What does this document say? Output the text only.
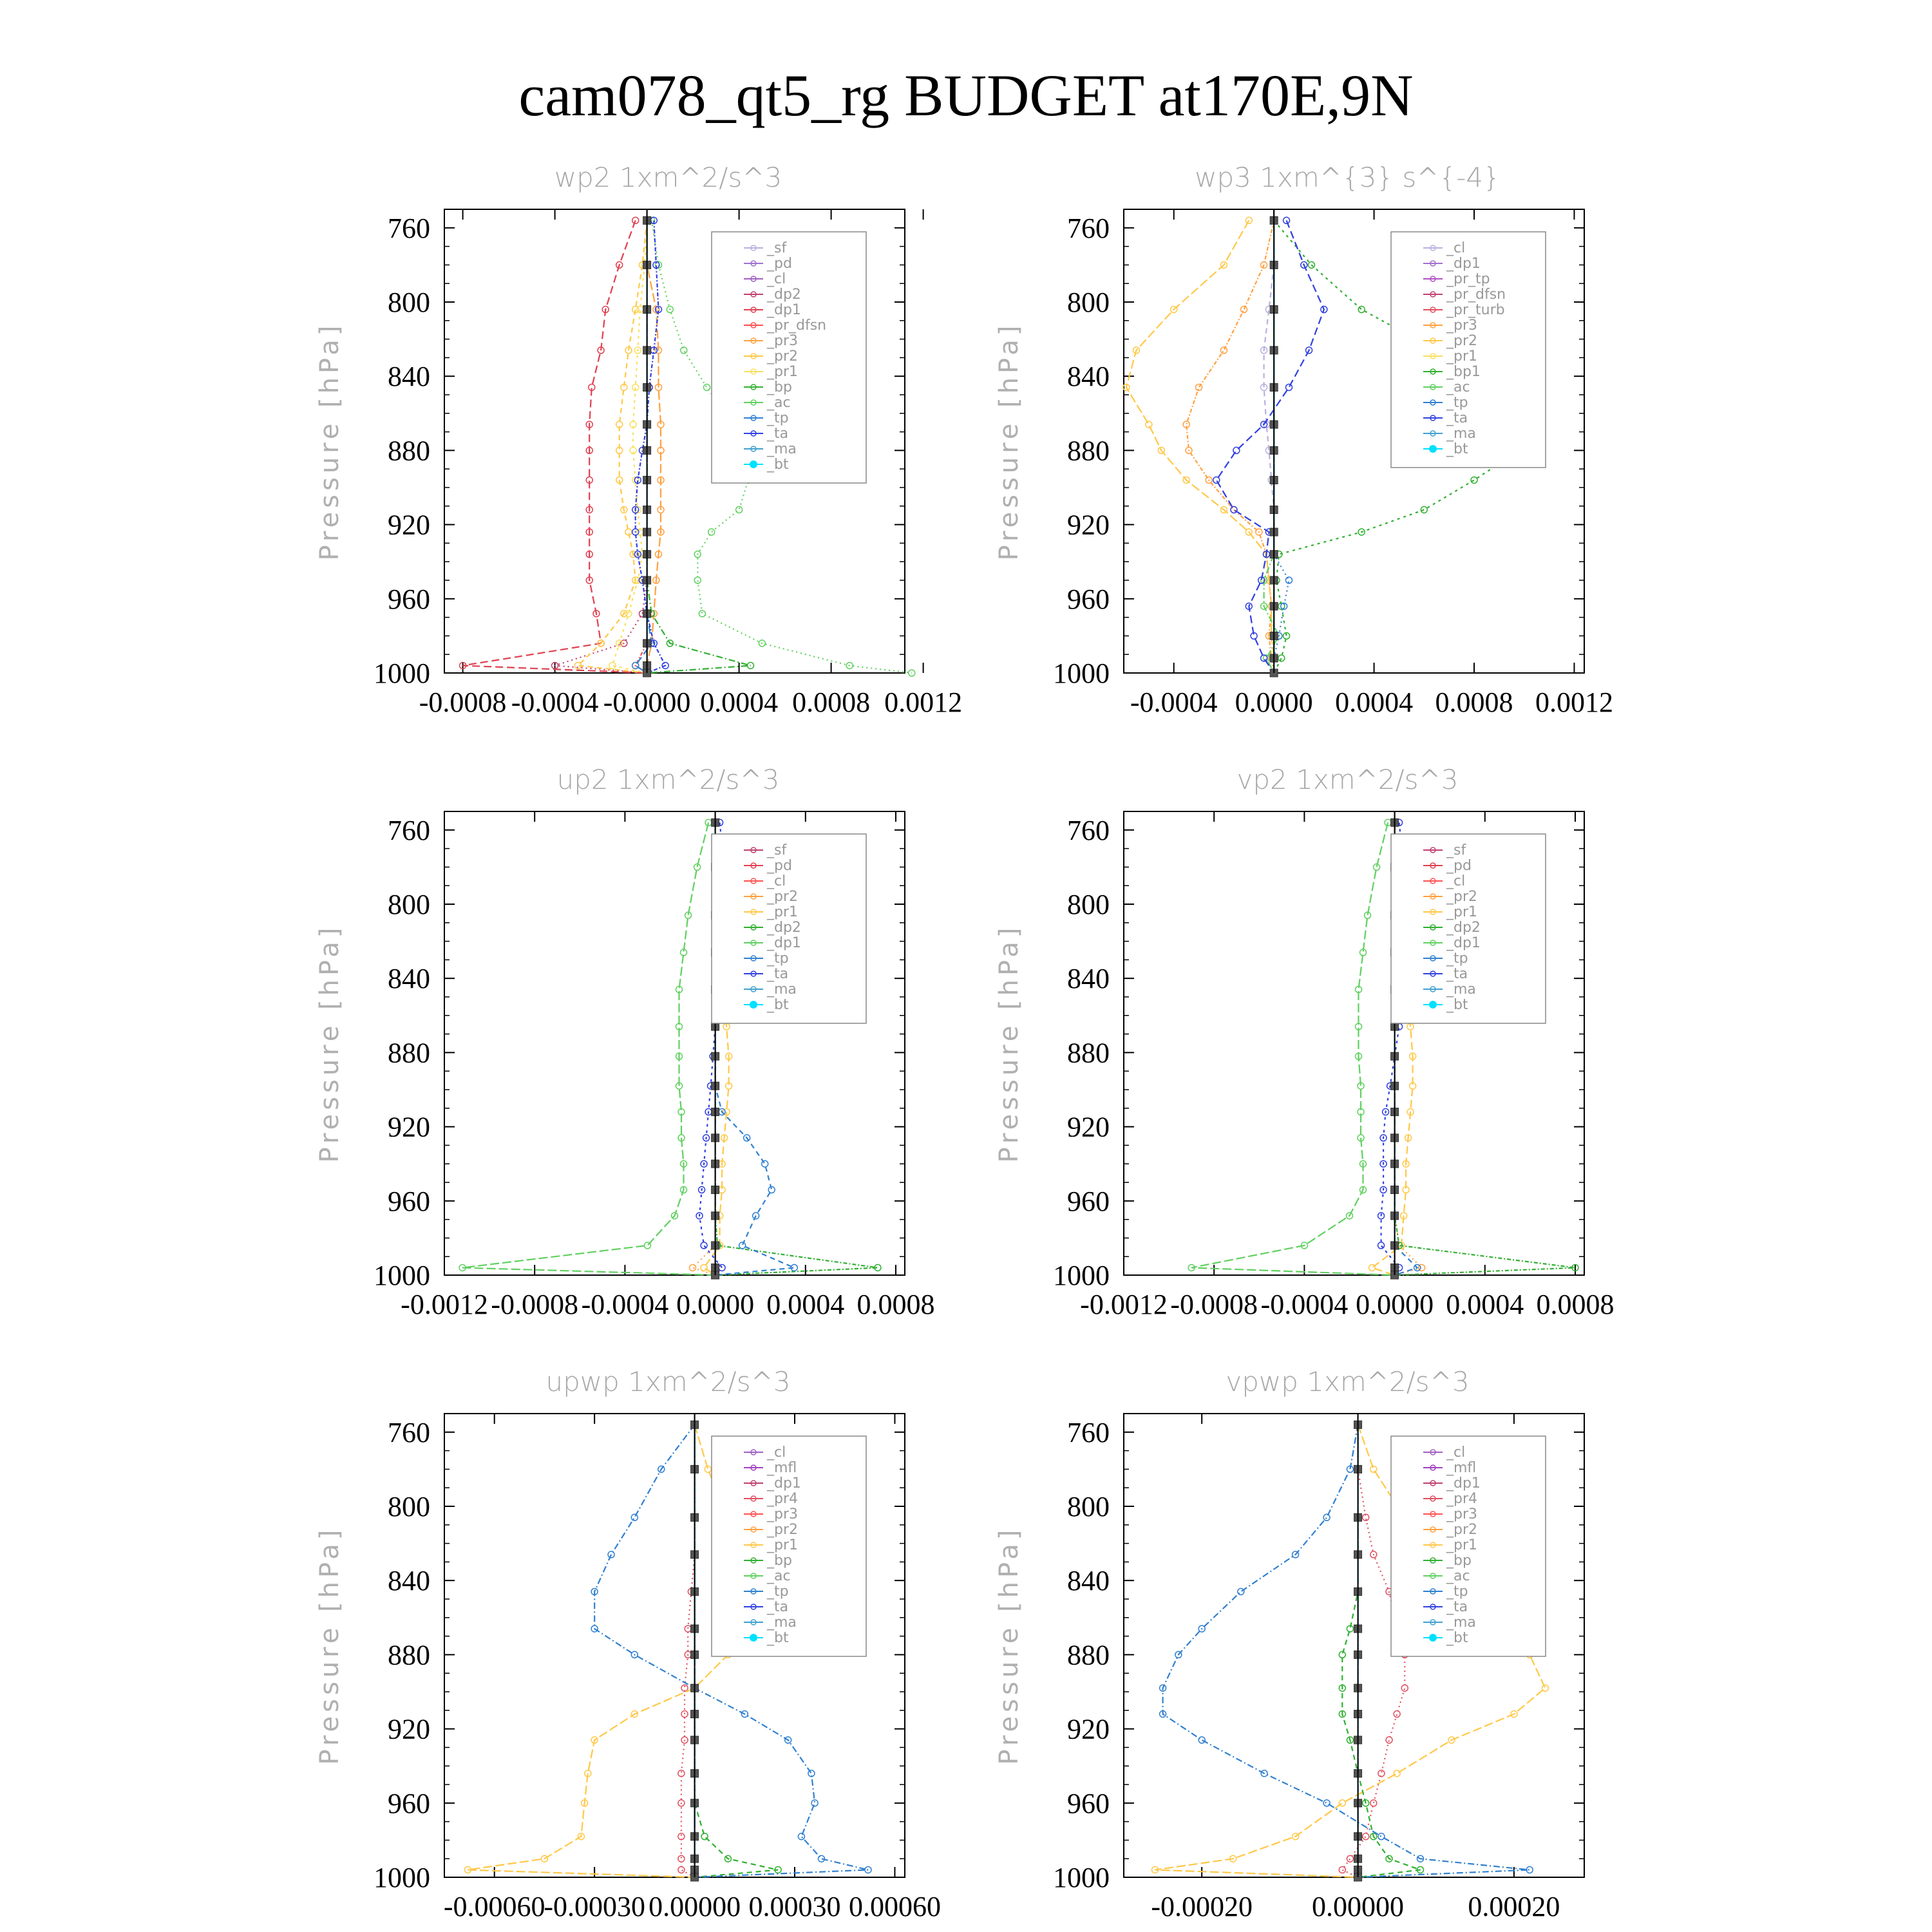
cam078_qt5_rg BUDGET at170E,9N
wp2 1xm^2/s^3
Pressure [hPa]
760
800
840
880
920
960
1000
-0.0008 -0.0004 -0.0000 0.0004 0.0008 0.0012
_sf
_pd
_cl
_dp2
_dp1
_pr_dfsn
_pr3
_pr2
_pr1
_bp
_ac
_tp
_ta
_ma
_bt
wp3 1xm^{3} s^{-4}
Pressure [hPa]
760
800
840
880
920
960
1000
-0.0004 0.0000 0.0004 0.0008 0.0012
_cl
_dp1
_pr_tp
_pr_dfsn
_pr_turb
_pr3
_pr2
_pr1
_bp1
_ac
_tp
_ta
_ma
_bt
up2 1xm^2/s^3
Pressure [hPa]
760
800
840
880
920
960
1000
-0.0012 -0.0008 -0.0004 0.0000 0.0004 0.0008
_sf
_pd
_cl
_pr2
_pr1
_dp2
_dp1
_tp
_ta
_ma
_bt
vp2 1xm^2/s^3
Pressure [hPa]
760
800
840
880
920
960
1000
-0.0012 -0.0008 -0.0004 0.0000 0.0004 0.0008
_sf
_pd
_cl
_pr2
_pr1
_dp2
_dp1
_tp
_ta
_ma
_bt
upwp 1xm^2/s^3
Pressure [hPa]
760
800
840
880
920
960
1000
-0.00060
-0.00030 0.00000 0.00030 0.00060
_cl
_mfl
_dp1
_pr4
_pr3
_pr2
_pr1
_bp
_ac
_tp
_ta
_ma
_bt
vpwp 1xm^2/s^3
Pressure [hPa]
760
800
840
880
920
960
1000
-0.00020 0.00000 0.00020
_cl
_mfl
_dp1
_pr4
_pr3
_pr2
_pr1
_bp
_ac
_tp
_ta
_ma
_bt
